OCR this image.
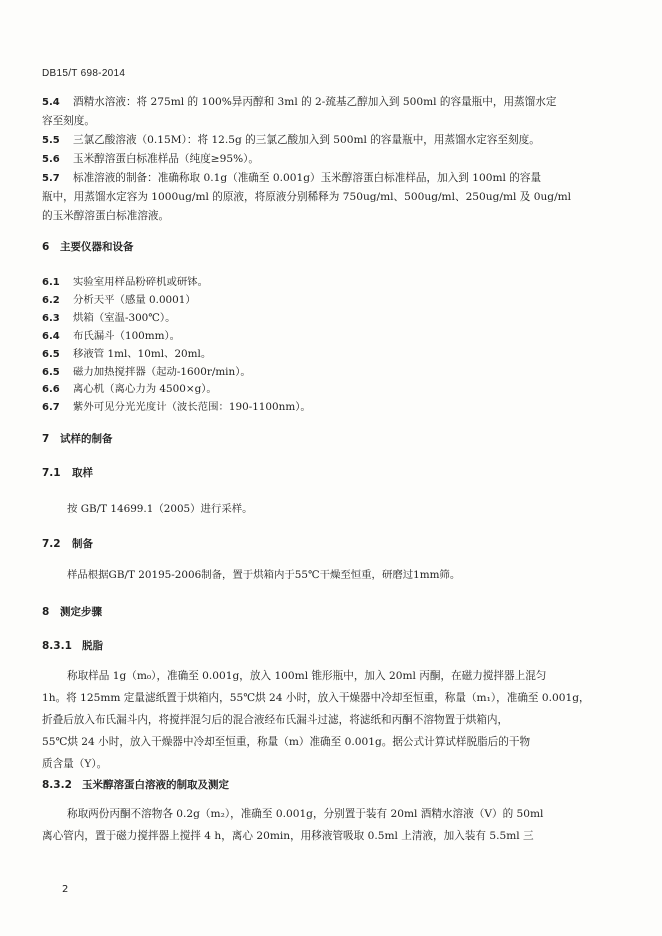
DB15/T 698-2014
5.4 酒精水溶液：将 275ml 的 100%异丙醇和 3ml 的 2-巯基乙醇加入到 500ml 的容量瓶中，用蒸馏水定
容至刻度。
5.5 三氯乙酸溶液（0.15M）：将 12.5g 的三氯乙酸加入到 500ml 的容量瓶中，用蒸馏水定容至刻度。
5.6 玉米醇溶蛋白标准样品（纯度≥95%）。
5.7 标准溶液的制备：准确称取 0.1g（准确至 0.001g）玉米醇溶蛋白标准样品，加入到 100ml 的容量
瓶中，用蒸馏水定容为 1000ug/ml 的原液，将原液分别稀释为 750ug/ml、500ug/ml、250ug/ml 及 0ug/ml
的玉米醇溶蛋白标准溶液。
6 主要仪器和设备
6.1 实验室用样品粉碎机或研钵。
6.2 分析天平（感量 0.0001）
6.3 烘箱（室温-300℃）。
6.4 布氏漏斗（100mm）。
6.5 移液管 1ml、10ml、20ml。
6.5 磁力加热搅拌器（起动-1600r/min）。
6.6 离心机（离心力为 4500×g）。
6.7 紫外可见分光光度计（波长范围：190-1100nm）。
7 试样的制备
7.1 取样
按 GB/T 14699.1（2005）进行采样。
7.2 制备
样品根据GB/T 20195-2006制备，置于烘箱内于55℃干燥至恒重，研磨过1mm筛。
8 测定步骤
8.3.1 脱脂
称取样品 1g（m₀），准确至 0.001g，放入 100ml 锥形瓶中，加入 20ml 丙酮，在磁力搅拌器上混匀
1h。将 125mm 定量滤纸置于烘箱内，55℃烘 24 小时，放入干燥器中冷却至恒重，称量（m₁），准确至 0.001g，
折叠后放入布氏漏斗内，将搅拌混匀后的混合液经布氏漏斗过滤，将滤纸和丙酮不溶物置于烘箱内，
55℃烘 24 小时，放入干燥器中冷却至恒重，称量（m）准确至 0.001g。据公式计算试样脱脂后的干物
质含量（Y）。
8.3.2 玉米醇溶蛋白溶液的制取及测定
称取两份丙酮不溶物各 0.2g（m₂），准确至 0.001g，分别置于装有 20ml 酒精水溶液（V）的 50ml
离心管内，置于磁力搅拌器上搅拌 4 h，离心 20min，用移液管吸取 0.5ml 上清液，加入装有 5.5ml 三
2
